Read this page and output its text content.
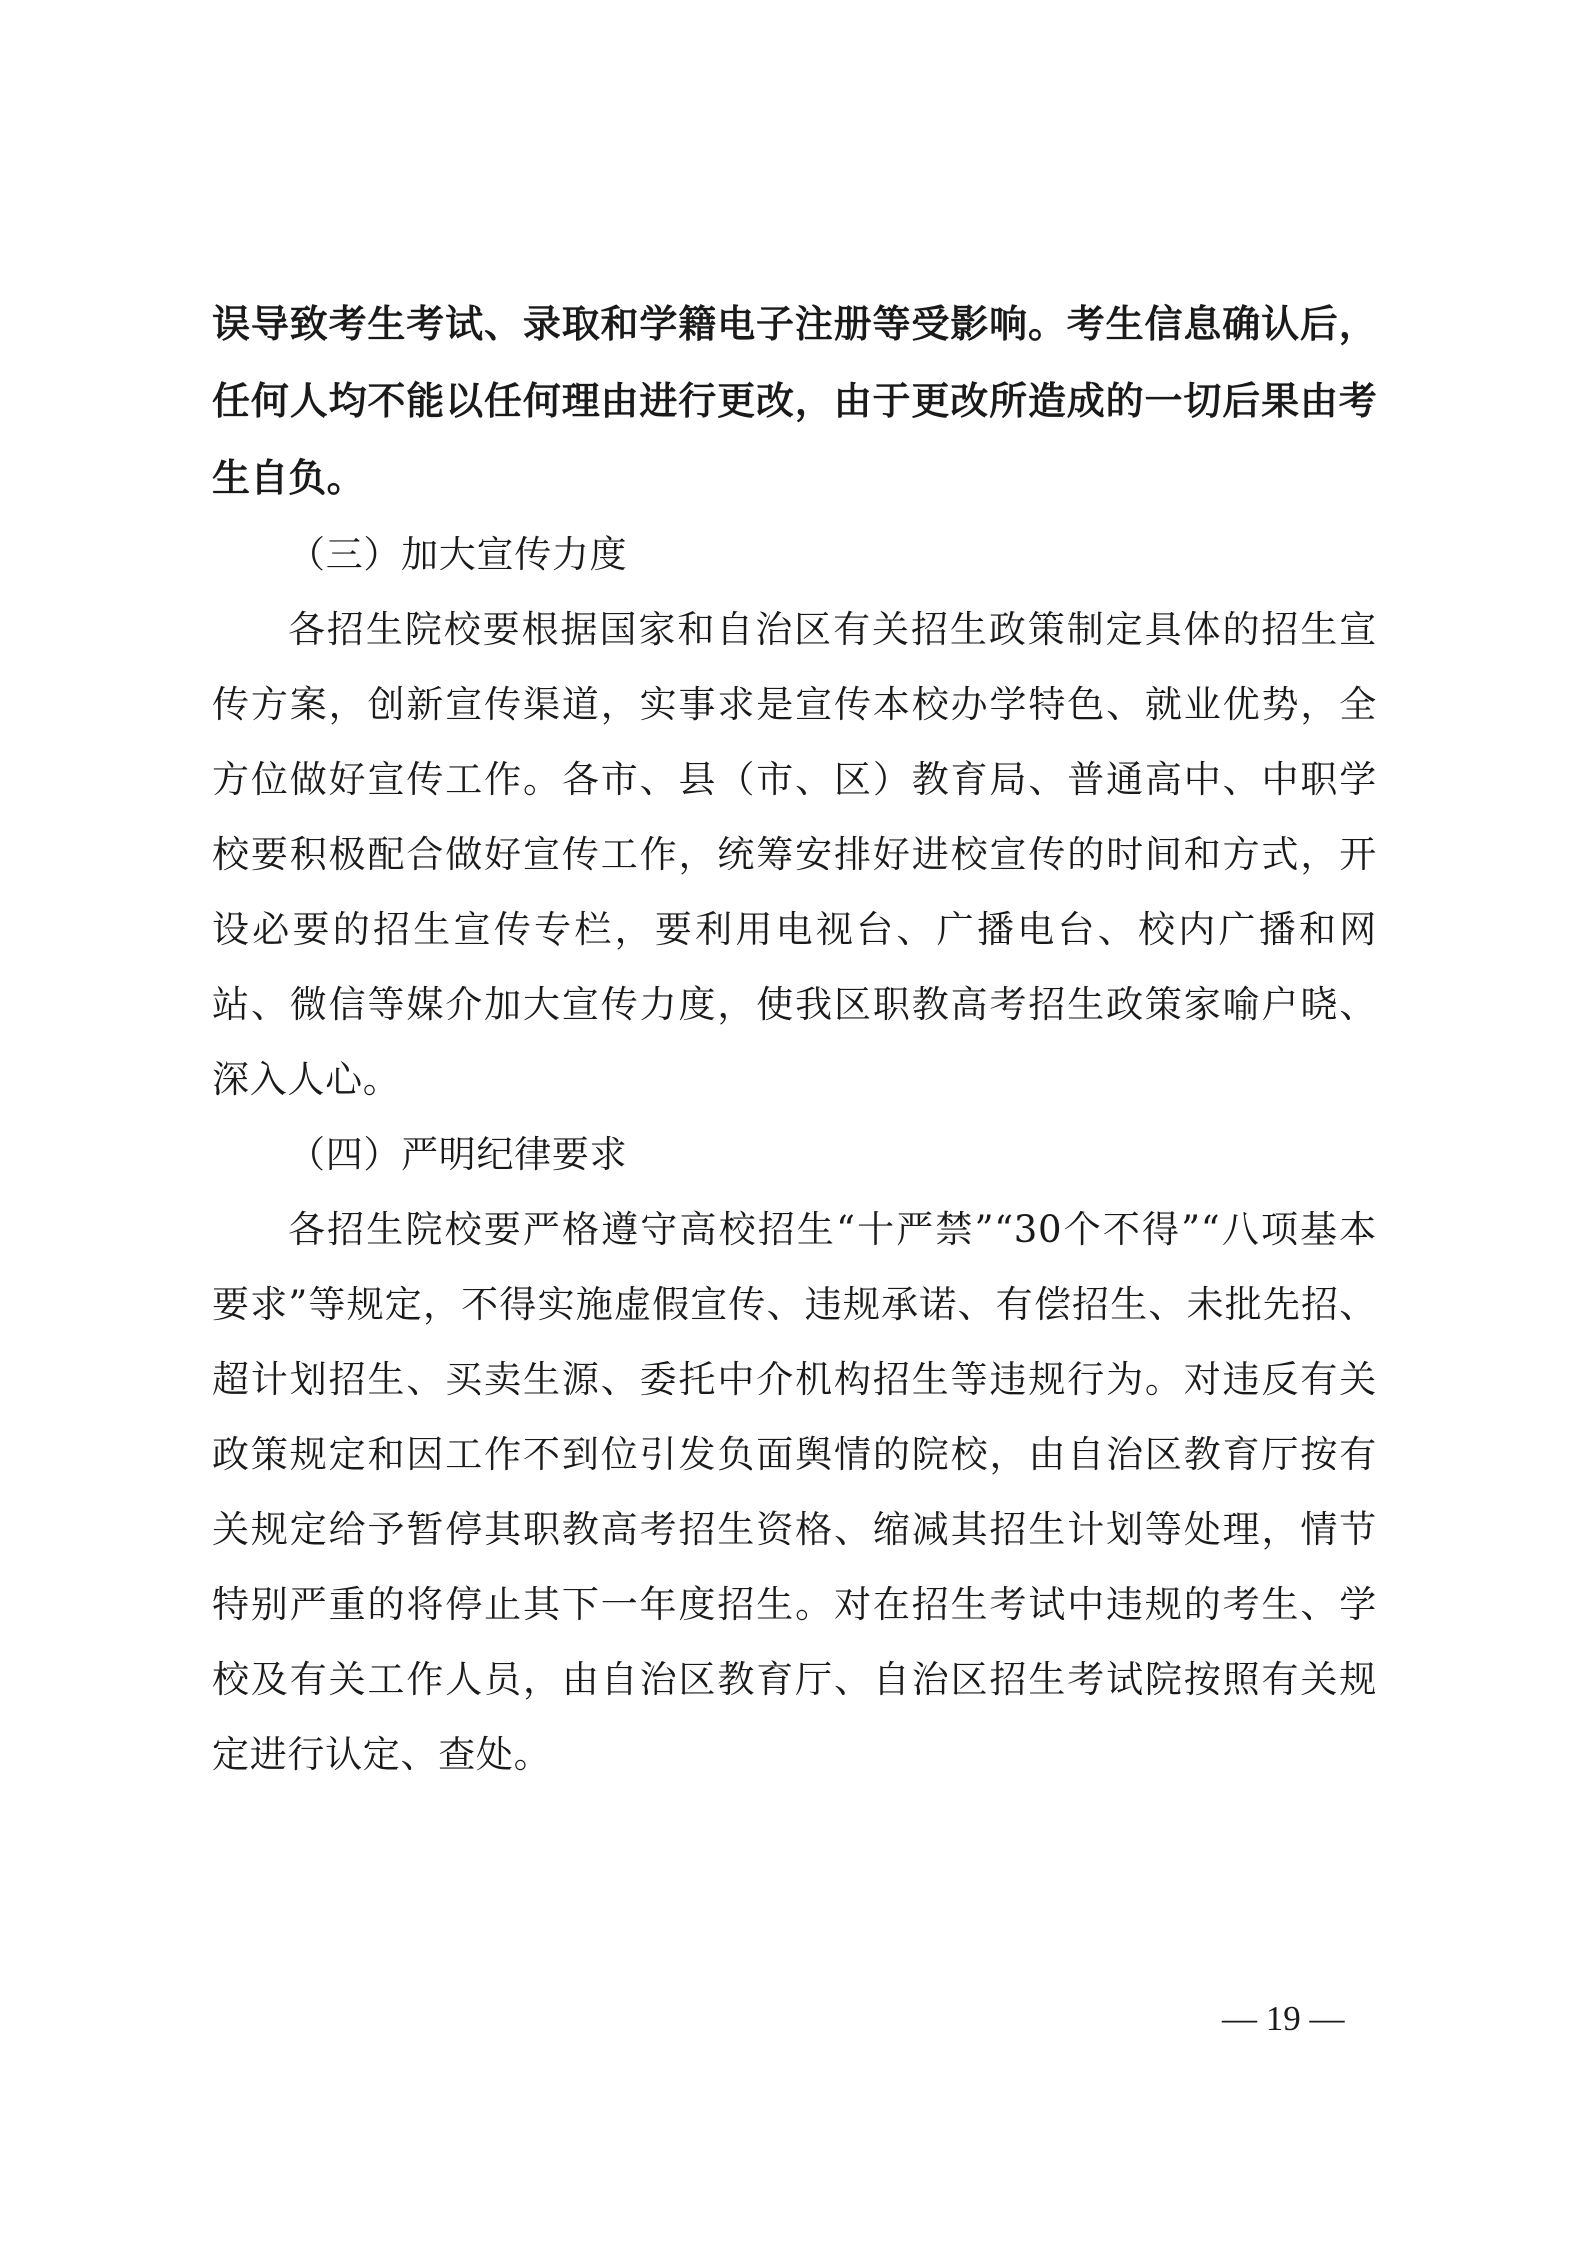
误导致考生考试、录取和学籍电子注册等受影响。考生信息确认后，任何人均不能以任何理由进行更改，由于更改所造成的一切后果由考生自负。

（三）加大宣传力度

各招生院校要根据国家和自治区有关招生政策制定具体的招生宣传方案，创新宣传渠道，实事求是宣传本校办学特色、就业优势，全方位做好宣传工作。各市、县（市、区）教育局、普通高中、中职学校要积极配合做好宣传工作，统筹安排好进校宣传的时间和方式，开设必要的招生宣传专栏，要利用电视台、广播电台、校内广播和网站、微信等媒介加大宣传力度，使我区职教高考招生政策家喻户晓、深入人心。

（四）严明纪律要求

各招生院校要严格遵守高校招生“十严禁”“30个不得”“八项基本要求”等规定，不得实施虚假宣传、违规承诺、有偿招生、未批先招、超计划招生、买卖生源、委托中介机构招生等违规行为。对违反有关政策规定和因工作不到位引发负面舆情的院校，由自治区教育厅按有关规定给予暂停其职教高考招生资格、缩减其招生计划等处理，情节特别严重的将停止其下一年度招生。对在招生考试中违规的考生、学校及有关工作人员，由自治区教育厅、自治区招生考试院按照有关规定进行认定、查处。

— 19 —
